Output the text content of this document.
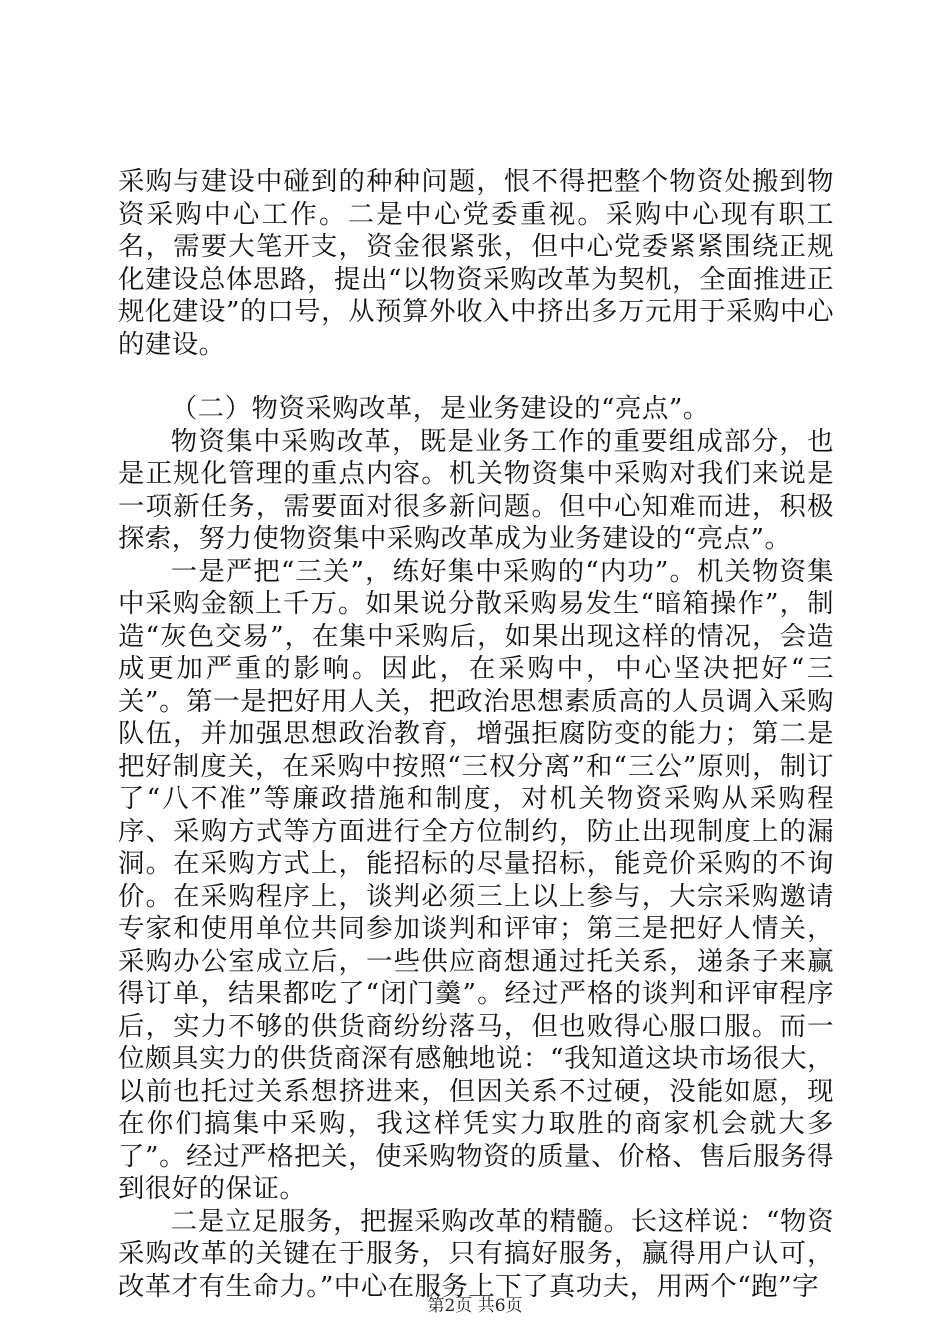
采购与建设中碰到的种种问题，恨不得把整个物资处搬到物资采购中心工作。二是中心党委重视。采购中心现有职工名，需要大笔开支，资金很紧张，但中心党委紧紧围绕正规化建设总体思路，提出“以物资采购改革为契机，全面推进正规化建设”的口号，从预算外收入中挤出多万元用于采购中心的建设。

（二）物资采购改革，是业务建设的“亮点”。

物资集中采购改革，既是业务工作的重要组成部分，也是正规化管理的重点内容。机关物资集中采购对我们来说是一项新任务，需要面对很多新问题。但中心知难而进，积极探索，努力使物资集中采购改革成为业务建设的“亮点”。

一是严把“三关”，练好集中采购的“内功”。机关物资集中采购金额上千万。如果说分散采购易发生“暗箱操作”，制造“灰色交易”，在集中采购后，如果出现这样的情况，会造成更加严重的影响。因此，在采购中，中心坚决把好“三关”。第一是把好用人关，把政治思想素质高的人员调入采购队伍，并加强思想政治教育，增强拒腐防变的能力；第二是把好制度关，在采购中按照“三权分离”和“三公”原则，制订了“八不准”等廉政措施和制度，对机关物资采购从采购程序、采购方式等方面进行全方位制约，防止出现制度上的漏洞。在采购方式上，能招标的尽量招标，能竞价采购的不询价。在采购程序上，谈判必须三上以上参与，大宗采购邀请专家和使用单位共同参加谈判和评审；第三是把好人情关，采购办公室成立后，一些供应商想通过托关系，递条子来赢得订单，结果都吃了“闭门羹”。经过严格的谈判和评审程序后，实力不够的供货商纷纷落马，但也败得心服口服。而一位颇具实力的供货商深有感触地说：“我知道这块市场很大，以前也托过关系想挤进来，但因关系不过硬，没能如愿，现在你们搞集中采购，我这样凭实力取胜的商家机会就大多了”。经过严格把关，使采购物资的质量、价格、售后服务得到很好的保证。

二是立足服务，把握采购改革的精髓。长这样说：“物资采购改革的关键在于服务，只有搞好服务，赢得用户认可，改革才有生命力。”中心在服务上下了真功夫，用两个“跑”字

第2页 共6页
